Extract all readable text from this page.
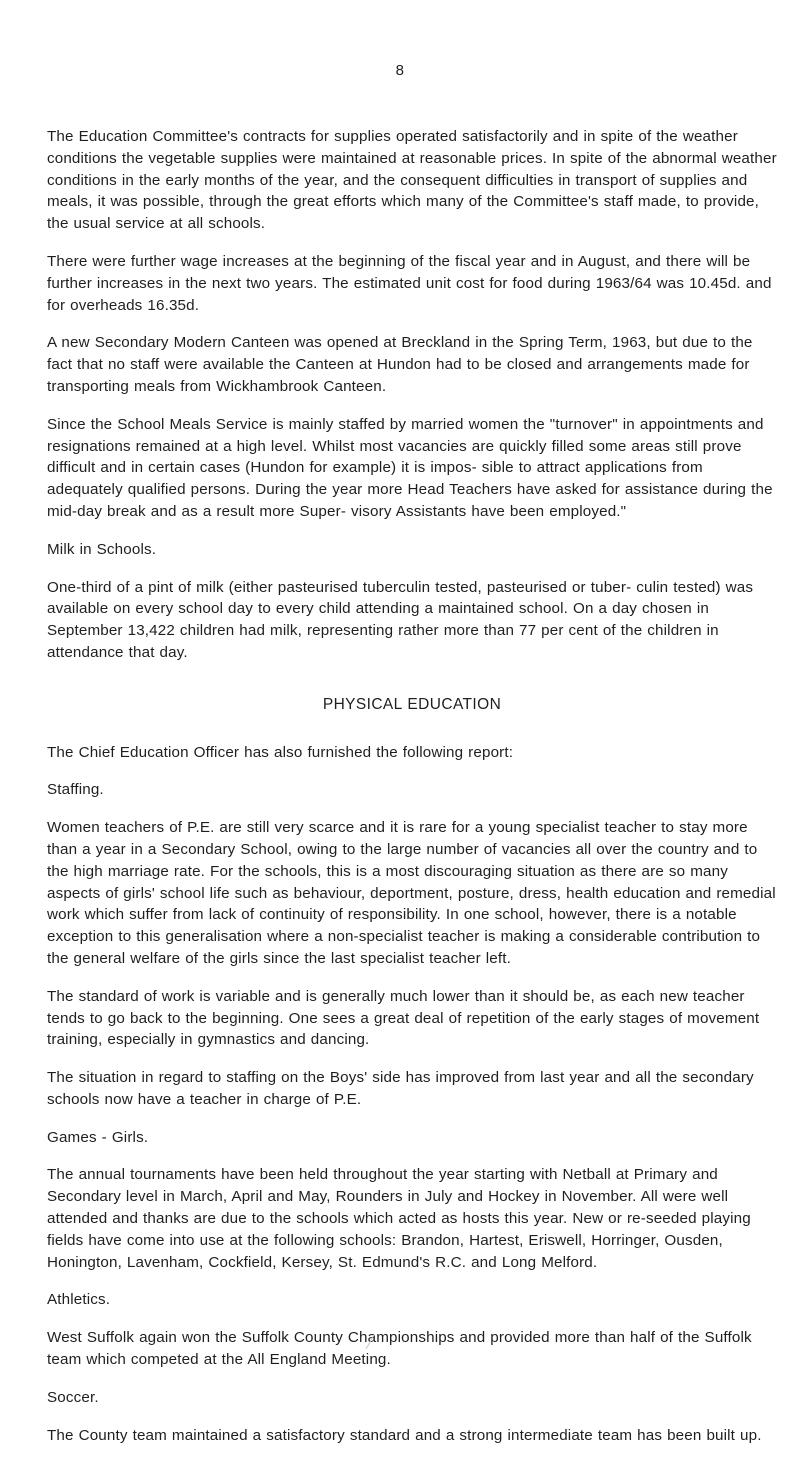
8

The Education Committee's contracts for supplies operated satisfactorily and in spite of the weather conditions the vegetable supplies were maintained at reasonable prices. In spite of the abnormal weather conditions in the early months of the year, and the consequent difficulties in transport of supplies and meals, it was possible, through the great efforts which many of the Committee's staff made, to provide, the usual service at all schools.

There were further wage increases at the beginning of the fiscal year and in August, and there will be further increases in the next two years. The estimated unit cost for food during 1963/64 was 10.45d. and for overheads 16.35d.

A new Secondary Modern Canteen was opened at Breckland in the Spring Term, 1963, but due to the fact that no staff were available the Canteen at Hundon had to be closed and arrangements made for transporting meals from Wickhambrook Canteen.

Since the School Meals Service is mainly staffed by married women the "turnover" in appointments and resignations remained at a high level. Whilst most vacancies are quickly filled some areas still prove difficult and in certain cases (Hundon for example) it is impos- sible to attract applications from adequately qualified persons. During the year more Head Teachers have asked for assistance during the mid-day break and as a result more Super- visory Assistants have been employed."

Milk in Schools.

One-third of a pint of milk (either pasteurised tuberculin tested, pasteurised or tuber- culin tested) was available on every school day to every child attending a maintained school. On a day chosen in September 13,422 children had milk, representing rather more than 77 per cent of the children in attendance that day.

PHYSICAL EDUCATION

The Chief Education Officer has also furnished the following report:

Staffing.

Women teachers of P.E. are still very scarce and it is rare for a young specialist teacher to stay more than a year in a Secondary School, owing to the large number of vacancies all over the country and to the high marriage rate. For the schools, this is a most discouraging situation as there are so many aspects of girls' school life such as behaviour, deportment, posture, dress, health education and remedial work which suffer from lack of continuity of responsibility. In one school, however, there is a notable exception to this generalisation where a non-specialist teacher is making a considerable contribution to the general welfare of the girls since the last specialist teacher left.

The standard of work is variable and is generally much lower than it should be, as each new teacher tends to go back to the beginning. One sees a great deal of repetition of the early stages of movement training, especially in gymnastics and dancing.

The situation in regard to staffing on the Boys' side has improved from last year and all the secondary schools now have a teacher in charge of P.E.

Games - Girls.

The annual tournaments have been held throughout the year starting with Netball at Primary and Secondary level in March, April and May, Rounders in July and Hockey in November. All were well attended and thanks are due to the schools which acted as hosts this year. New or re-seeded playing fields have come into use at the following schools: Brandon, Hartest, Eriswell, Horringer, Ousden, Honington, Lavenham, Cockfield, Kersey, St. Edmund's R.C. and Long Melford.

Athletics.

West Suffolk again won the Suffolk County Championships and provided more than half of the Suffolk team which competed at the All England Meeting.

Soccer.

The County team maintained a satisfactory standard and a strong intermediate team has been built up.
